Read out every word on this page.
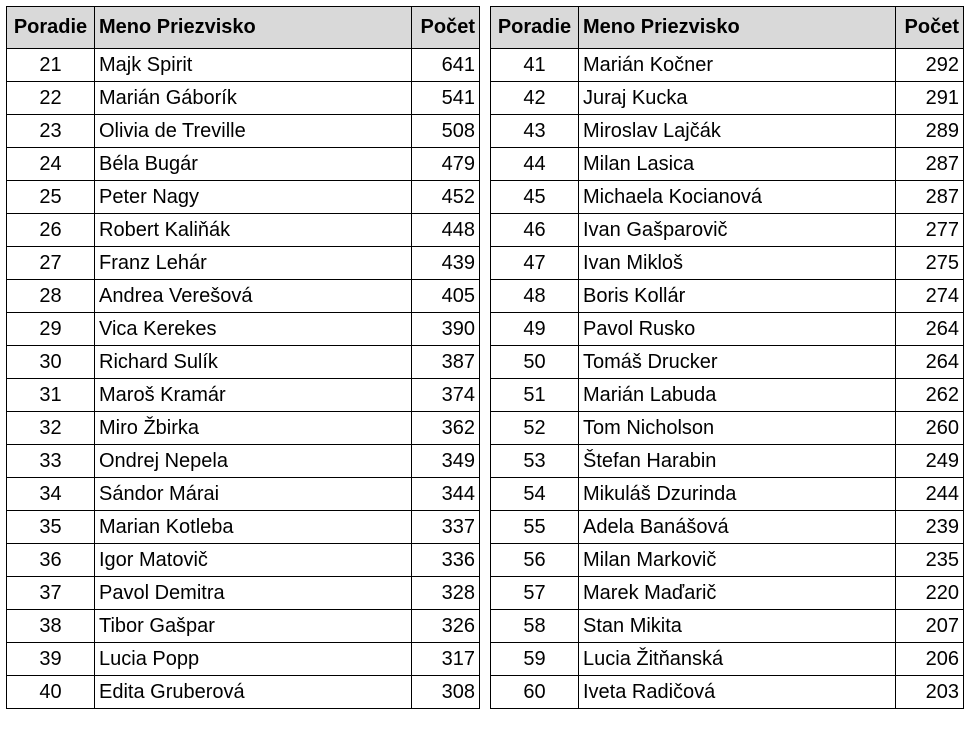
Poradie	Meno Priezvisko	Počet
21	Majk Spirit	641
22	Marián Gáborík	541
23	Olivia de Treville	508
24	Béla Bugár	479
25	Peter Nagy	452
26	Robert Kaliňák	448
27	Franz Lehár	439
28	Andrea Verešová	405
29	Vica Kerekes	390
30	Richard Sulík	387
31	Maroš Kramár	374
32	Miro Žbirka	362
33	Ondrej Nepela	349
34	Sándor Márai	344
35	Marian Kotleba	337
36	Igor Matovič	336
37	Pavol Demitra	328
38	Tibor Gašpar	326
39	Lucia Popp	317
40	Edita Gruberová	308
Poradie	Meno Priezvisko	Počet
41	Marián Kočner	292
42	Juraj Kucka	291
43	Miroslav Lajčák	289
44	Milan Lasica	287
45	Michaela Kocianová	287
46	Ivan Gašparovič	277
47	Ivan Mikloš	275
48	Boris Kollár	274
49	Pavol Rusko	264
50	Tomáš Drucker	264
51	Marián Labuda	262
52	Tom Nicholson	260
53	Štefan Harabin	249
54	Mikuláš Dzurinda	244
55	Adela Banášová	239
56	Milan Markovič	235
57	Marek Maďarič	220
58	Stan Mikita	207
59	Lucia Žitňanská	206
60	Iveta Radičová	203
